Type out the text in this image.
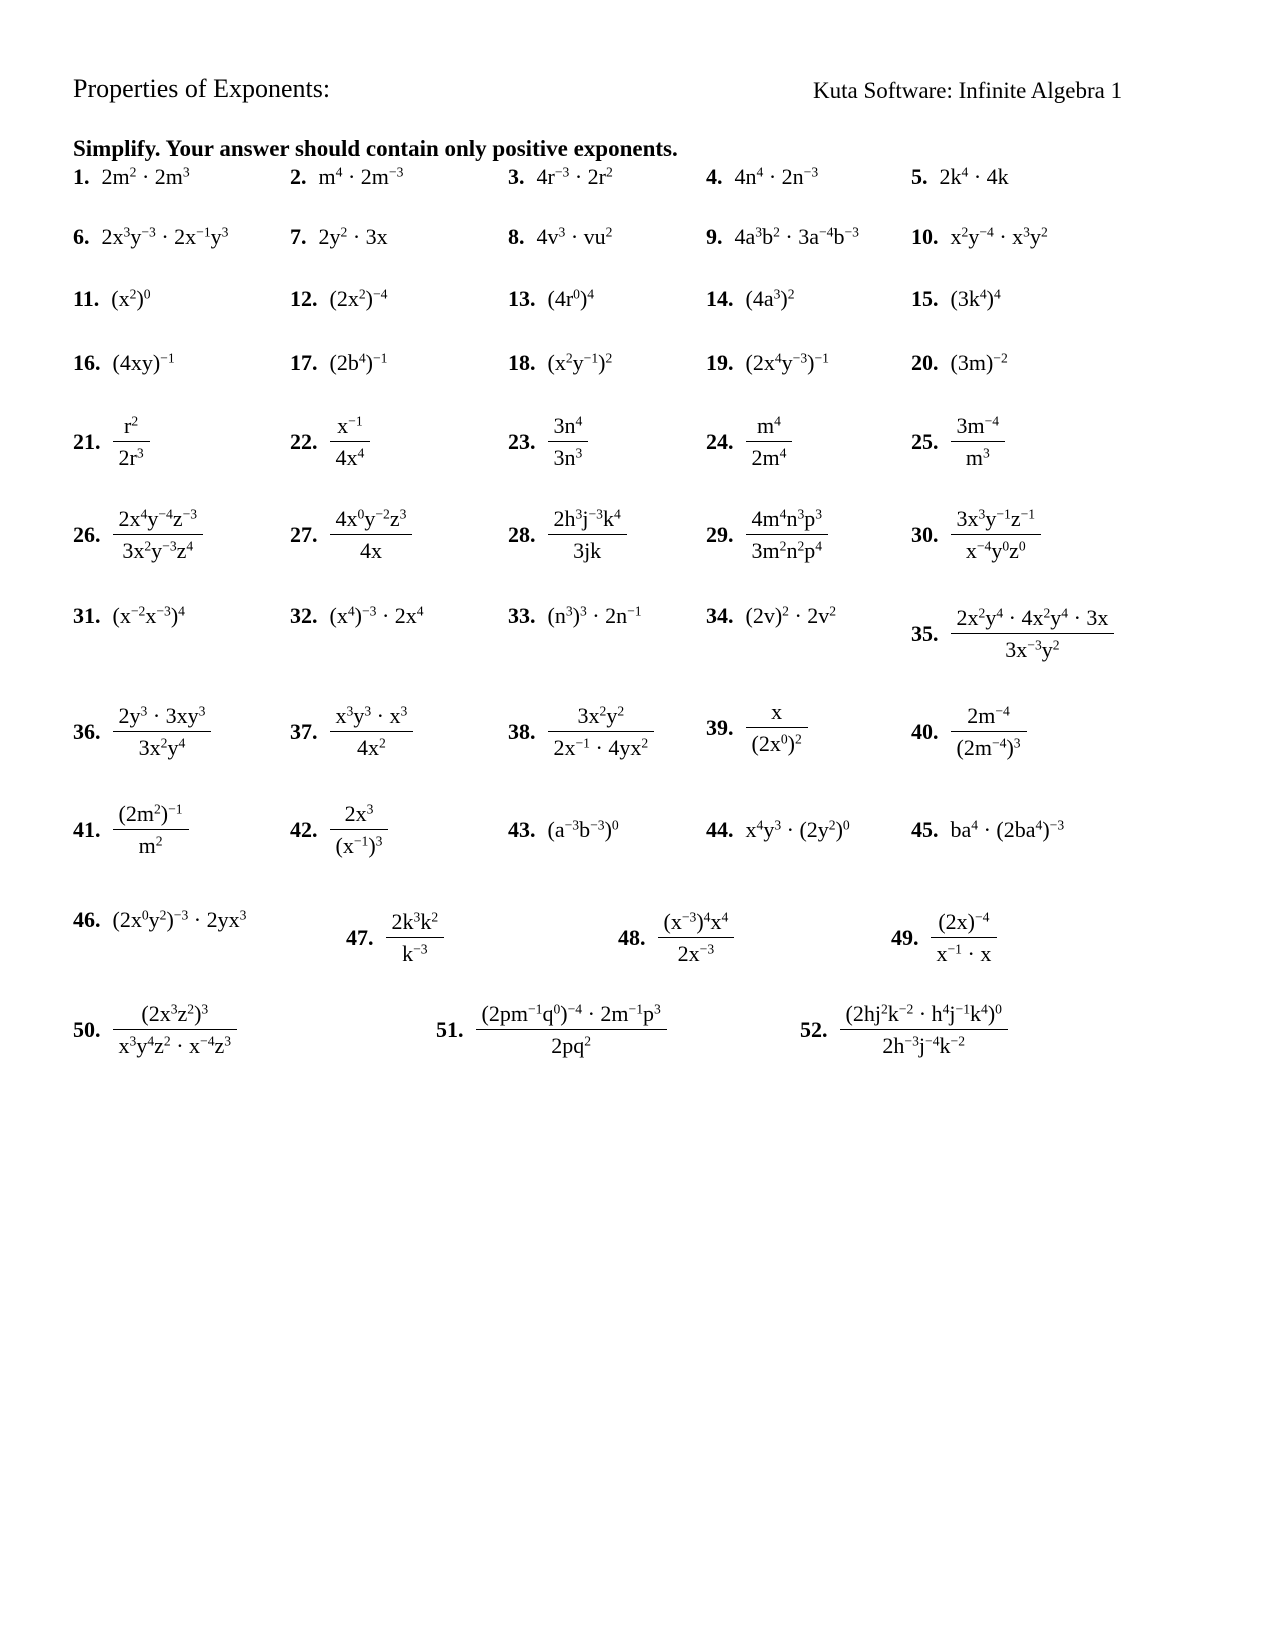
Properties of Exponents:	Kuta Software: Infinite Algebra 1
Simplify. Your answer should contain only positive exponents.
1. $2m^2 \cdot 2m^3$	2. $m^4 \cdot 2m^{-3}$	3. $4r^{-3} \cdot 2r^2$	4. $4n^4 \cdot 2n^{-3}$	5. $2k^4 \cdot 4k$
6. $2x^3y^{-3} \cdot 2x^{-1}y^3$	7. $2y^2 \cdot 3x$	8. $4v^3 \cdot vu^2$	9. $4a^3b^2 \cdot 3a^{-4}b^{-3}$ 10. $x^2y^{-4} \cdot x^3y^2$
11. $(x^2)^0$	12. $(2x^2)^{-4}$	13. $(4r^0)^4$	14. $(4a^3)^2$	15. $(3k^4)^4$
16. $(4xy)^{-1}$	17. $(2b^4)^{-1}$	18. $(x^2y^{-1})^2$	19. $(2x^4y^{-3})^{-1}$	20. $(3m)^{-2}$
21. $\frac{r^2}{2r^3}$	22. $\frac{x^{-1}}{4x^4}$	23. $\frac{3n^4}{3n^3}$	24. $\frac{m^4}{2m^4}$	25. $\frac{3m^{-4}}{m^3}$
26. $\frac{2x^4y^{-4}z^{-3}}{3x^2y^{-3}z^4}$	27. $\frac{4x^0y^{-2}z^3}{4x}$	28. $\frac{2h^3j^{-3}k^4}{3jk}$	29. $\frac{4m^4n^3p^3}{3m^2n^2p^4}$	30. $\frac{3x^3y^{-1}z^{-1}}{x^{-4}y^0z^0}$
31. $(x^{-2}x^{-3})^4$	32. $(x^4)^{-3} \cdot 2x^4$	33. $(n^3)^3 \cdot 2n^{-1}$	34. $(2v)^2 \cdot 2v^2$
35. $\frac{2x^2y^4 \cdot 4x^2y^4 \cdot 3x}{3x^{-3}y^2}$
36. $\frac{2y^3 \cdot 3xy^3}{3x^2y^4}$	37. $\frac{x^3y^3 \cdot x^3}{4x^2}$	38. $\frac{3x^2y^2}{2x^{-1} \cdot 4yx^2} 39$. $\frac{x}{(2x^0)^2}$	40. $\frac{2m^{-4}}{(2m^{-4})^3}$
41. $\frac{(2m^2)^{-1}}{m^2}$	42. $\frac{2x^3}{(x^{-1})^3}$	43. $(a^{-3}b^{-3})^0$	44. $x^4y^3 \cdot (2y^2)^0$	45. $ba^4 \cdot (2ba^4)^{-3}$
46. $(2x^0y^2)^{-3} \cdot 2yx^3$
47. $\frac{2k^3k^2}{k^{-3}}$	48. $\frac{(x^{-3})^4x^4}{2x^{-3}}$	49. $\frac{(2x)^{-4}}{x^{-1} \cdot x}$
50. $\frac{(2x^3z^2)^3}{x^3y^4z^2 \cdot x^{-4}z^3}$	51. $\frac{(2pm^{-1}q^0)^{-4} \cdot 2m^{-1}p^3}{2pq^2}$	52. $\frac{(2hj^2k^{-2} \cdot h^4j^{-1}k^4)^0}{2h^{-3}j^{-4}k^{-2}}$
